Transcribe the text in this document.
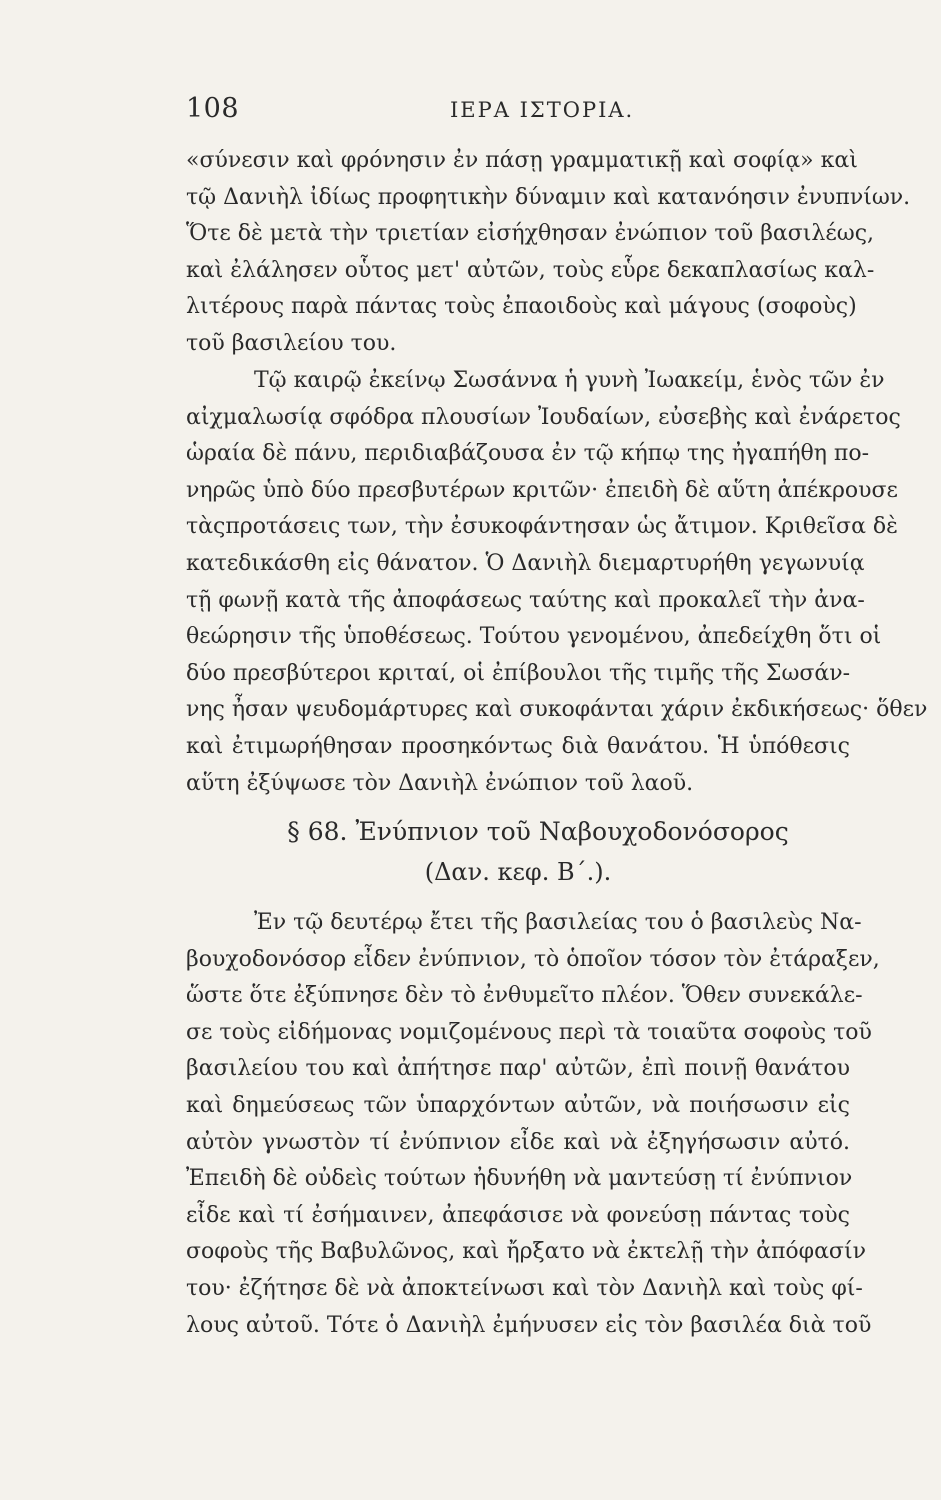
108	ΙΕΡΑ ΙΣΤΟΡΙΑ.
«σύνεσιν καὶ φρόνησιν ἐν πάσῃ γραμματικῇ καὶ σοφίᾳ» καὶ
τῷ Δανιὴλ ἰδίως προφητικὴν δύναμιν καὶ κατανόησιν ἐνυπνίων.
Ὅτε δὲ μετὰ τὴν τριετίαν εἰσήχθησαν ἐνώπιον τοῦ βασιλέως,
καὶ ἐλάλησεν οὗτος μετ' αὐτῶν, τοὺς εὗρε δεκαπλασίως καλ-
λιτέρους παρὰ πάντας τοὺς ἐπαοιδοὺς καὶ μάγους (σοφοὺς)
τοῦ βασιλείου του.
Τῷ καιρῷ ἐκείνῳ Σωσάννα ἡ γυνὴ Ἰωακείμ, ἑνὸς τῶν ἐν
αἰχμαλωσίᾳ σφόδρα πλουσίων Ἰουδαίων, εὐσεβὴς καὶ ἐνάρετος
ὡραία δὲ πάνυ, περιδιαβάζουσα ἐν τῷ κήπῳ της ἠγαπήθη πο-
νηρῶς ὑπὸ δύο πρεσβυτέρων κριτῶν· ἐπειδὴ δὲ αὕτη ἀπέκρουσε
τὰςπροτάσεις των, τὴν ἐσυκοφάντησαν ὡς ἄτιμον. Κριθεῖσα δὲ
κατεδικάσθη εἰς θάνατον. Ὁ Δανιὴλ διεμαρτυρήθη γεγωνυίᾳ
τῇ φωνῇ κατὰ τῆς ἀποφάσεως ταύτης καὶ προκαλεῖ τὴν ἀνα-
θεώρησιν τῆς ὑποθέσεως. Τούτου γενομένου, ἀπεδείχθη ὅτι οἱ
δύο πρεσβύτεροι κριταί, οἱ ἐπίβουλοι τῆς τιμῆς τῆς Σωσάν-
νης ἦσαν ψευδομάρτυρες καὶ συκοφάνται χάριν ἐκδικήσεως· ὅθεν
καὶ ἐτιμωρήθησαν προσηκόντως διὰ θανάτου. Ἡ ὑπόθεσις
αὕτη ἐξύψωσε τὸν Δανιὴλ ἐνώπιον τοῦ λαοῦ.
§ 68. Ἐνύπνιον τοῦ Ναβουχοδονόσορος
(Δαν. κεφ. Β΄.).
Ἐν τῷ δευτέρῳ ἔτει τῆς βασιλείας του ὁ βασιλεὺς Να-
βουχοδονόσορ εἶδεν ἐνύπνιον, τὸ ὁποῖον τόσον τὸν ἐτάραξεν,
ὥστε ὅτε ἐξύπνησε δὲν τὸ ἐνθυμεῖτο πλέον. Ὅθεν συνεκάλε-
σε τοὺς εἰδήμονας νομιζομένους περὶ τὰ τοιαῦτα σοφοὺς τοῦ
βασιλείου του καὶ ἀπήτησε παρ' αὐτῶν, ἐπὶ ποινῇ θανάτου
καὶ δημεύσεως τῶν ὑπαρχόντων αὐτῶν, νὰ ποιήσωσιν εἰς
αὐτὸν γνωστὸν τί ἐνύπνιον εἶδε καὶ νὰ ἐξηγήσωσιν αὐτό.
Ἐπειδὴ δὲ οὐδεὶς τούτων ἠδυνήθη νὰ μαντεύσῃ τί ἐνύπνιον
εἶδε καὶ τί ἐσήμαινεν, ἀπεφάσισε νὰ φονεύσῃ πάντας τοὺς
σοφοὺς τῆς Βαβυλῶνος, καὶ ἤρξατο νὰ ἐκτελῇ τὴν ἀπόφασίν
του· ἐζήτησε δὲ νὰ ἀποκτείνωσι καὶ τὸν Δανιὴλ καὶ τοὺς φί-
λους αὐτοῦ. Τότε ὁ Δανιὴλ ἐμήνυσεν εἰς τὸν βασιλέα διὰ τοῦ
